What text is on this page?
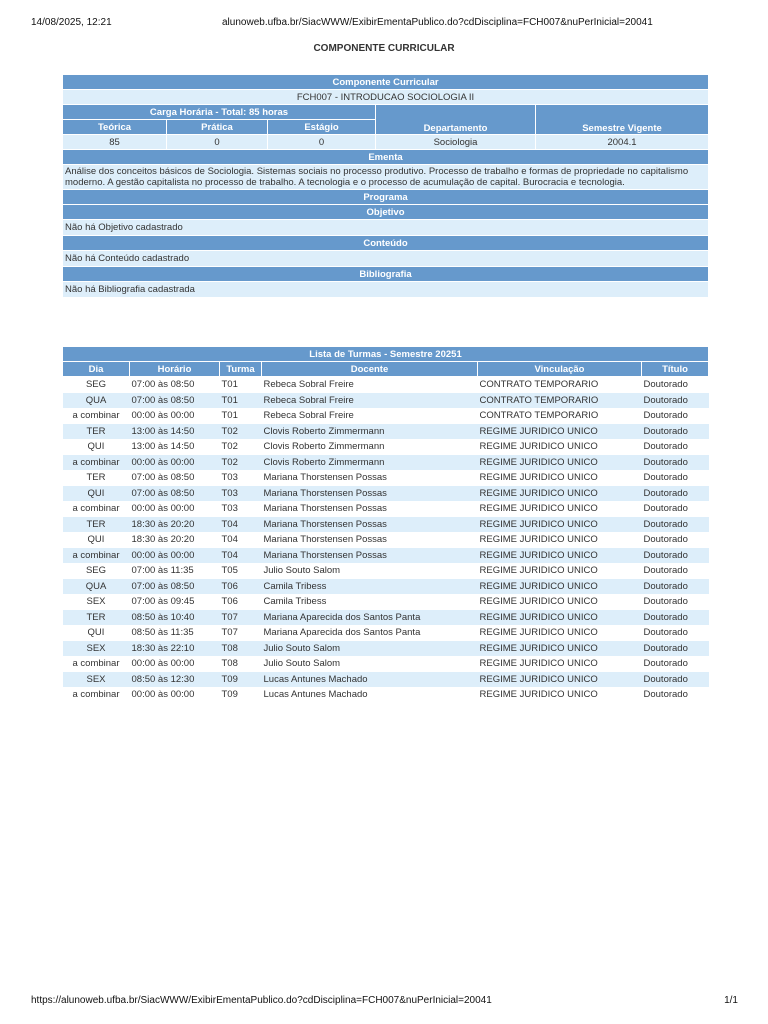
14/08/2025, 12:21	alunoweb.ufba.br/SiacWWW/ExibirEmentaPublico.do?cdDisciplina=FCH007&nuPerInicial=20041
COMPONENTE CURRICULAR
Componente Curricular				
FCH007 - INTRODUCAO SOCIOLOGIA II				
Carga Horária - Total: 85 horas			Departamento	Semestre Vigente
Teórica	Prática	Estágio		
85	0	0	Sociologia	2004.1
Ementa				
Análise dos conceitos básicos de Sociologia. Sistemas sociais no processo produtivo. Processo de trabalho e formas de propriedade no capitalismo moderno. A gestão capitalista no processo de trabalho. A tecnologia e o processo de acumulação de capital. Burocracia e tecnologia.				
Programa				
Objetivo				
Não há Objetivo cadastrado				
Conteúdo				
Não há Conteúdo cadastrado				
Bibliografia				
Não há Bibliografia cadastrada				
Lista de Turmas - Semestre 20251					
Dia	Horário	Turma	Docente	Vinculação	Título
SEG	07:00 às 08:50	T01	Rebeca Sobral Freire	CONTRATO TEMPORARIO	Doutorado
QUA	07:00 às 08:50	T01	Rebeca Sobral Freire	CONTRATO TEMPORARIO	Doutorado
a combinar	00:00 às 00:00	T01	Rebeca Sobral Freire	CONTRATO TEMPORARIO	Doutorado
TER	13:00 às 14:50	T02	Clovis Roberto Zimmermann	REGIME JURIDICO UNICO	Doutorado
QUI	13:00 às 14:50	T02	Clovis Roberto Zimmermann	REGIME JURIDICO UNICO	Doutorado
a combinar	00:00 às 00:00	T02	Clovis Roberto Zimmermann	REGIME JURIDICO UNICO	Doutorado
TER	07:00 às 08:50	T03	Mariana Thorstensen Possas	REGIME JURIDICO UNICO	Doutorado
QUI	07:00 às 08:50	T03	Mariana Thorstensen Possas	REGIME JURIDICO UNICO	Doutorado
a combinar	00:00 às 00:00	T03	Mariana Thorstensen Possas	REGIME JURIDICO UNICO	Doutorado
TER	18:30 às 20:20	T04	Mariana Thorstensen Possas	REGIME JURIDICO UNICO	Doutorado
QUI	18:30 às 20:20	T04	Mariana Thorstensen Possas	REGIME JURIDICO UNICO	Doutorado
a combinar	00:00 às 00:00	T04	Mariana Thorstensen Possas	REGIME JURIDICO UNICO	Doutorado
SEG	07:00 às 11:35	T05	Julio Souto Salom	REGIME JURIDICO UNICO	Doutorado
QUA	07:00 às 08:50	T06	Camila Tribess	REGIME JURIDICO UNICO	Doutorado
SEX	07:00 às 09:45	T06	Camila Tribess	REGIME JURIDICO UNICO	Doutorado
TER	08:50 às 10:40	T07	Mariana Aparecida dos Santos Panta	REGIME JURIDICO UNICO	Doutorado
QUI	08:50 às 11:35	T07	Mariana Aparecida dos Santos Panta	REGIME JURIDICO UNICO	Doutorado
SEX	18:30 às 22:10	T08	Julio Souto Salom	REGIME JURIDICO UNICO	Doutorado
a combinar	00:00 às 00:00	T08	Julio Souto Salom	REGIME JURIDICO UNICO	Doutorado
SEX	08:50 às 12:30	T09	Lucas Antunes Machado	REGIME JURIDICO UNICO	Doutorado
a combinar	00:00 às 00:00	T09	Lucas Antunes Machado	REGIME JURIDICO UNICO	Doutorado
https://alunoweb.ufba.br/SiacWWW/ExibirEmentaPublico.do?cdDisciplina=FCH007&nuPerInicial=20041	1/1
